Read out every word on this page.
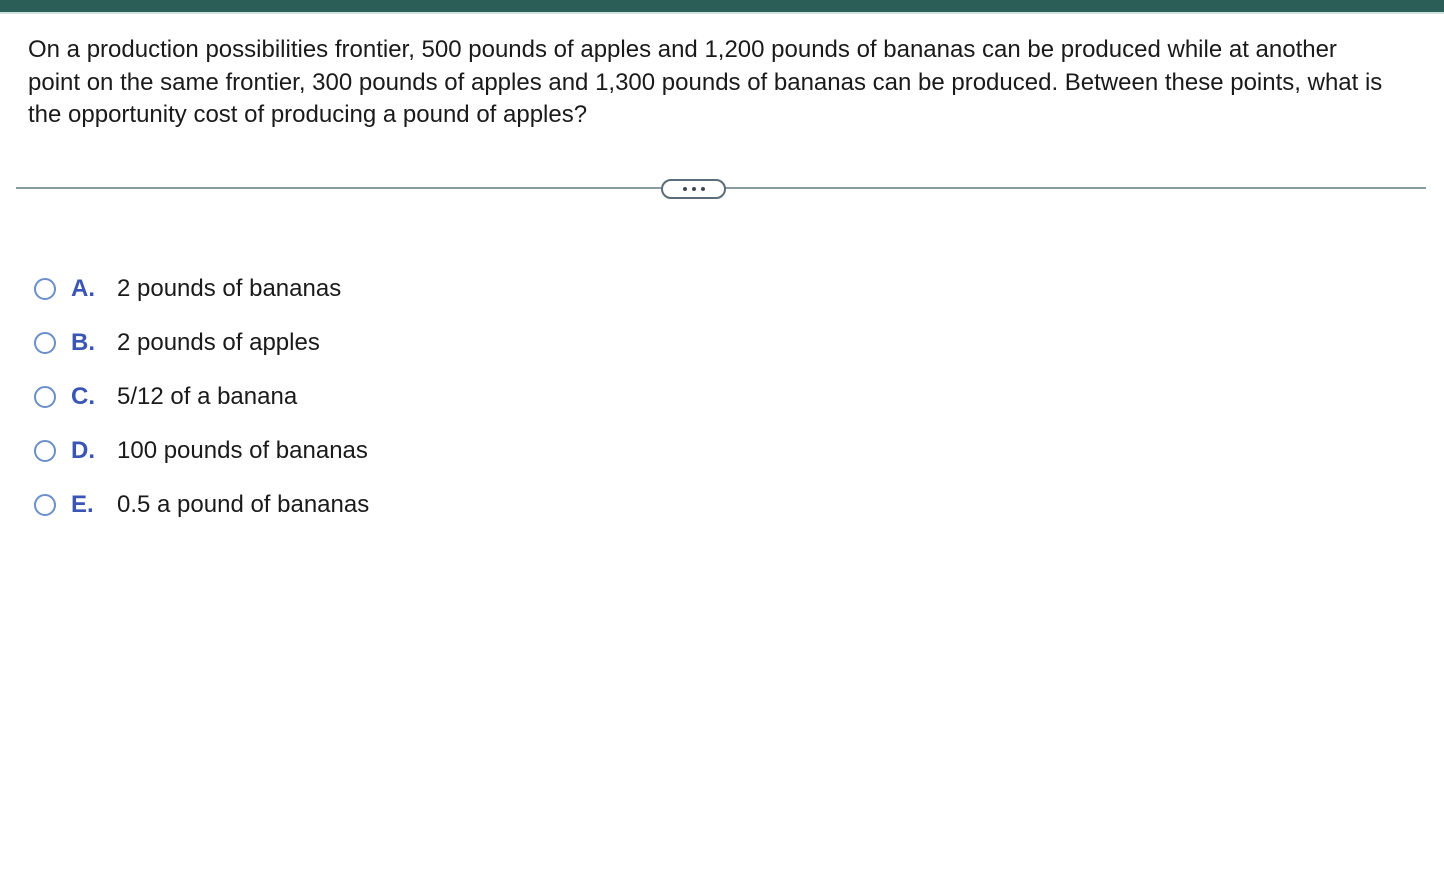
On a production possibilities frontier, 500 pounds of apples and 1,200 pounds of bananas can be produced while at another point on the same frontier, 300 pounds of apples and 1,300 pounds of bananas can be produced. Between these points, what is the opportunity cost of producing a pound of apples?

A. 2 pounds of bananas
B. 2 pounds of apples
C. 5/12 of a banana
D. 100 pounds of bananas
E. 0.5 a pound of bananas
